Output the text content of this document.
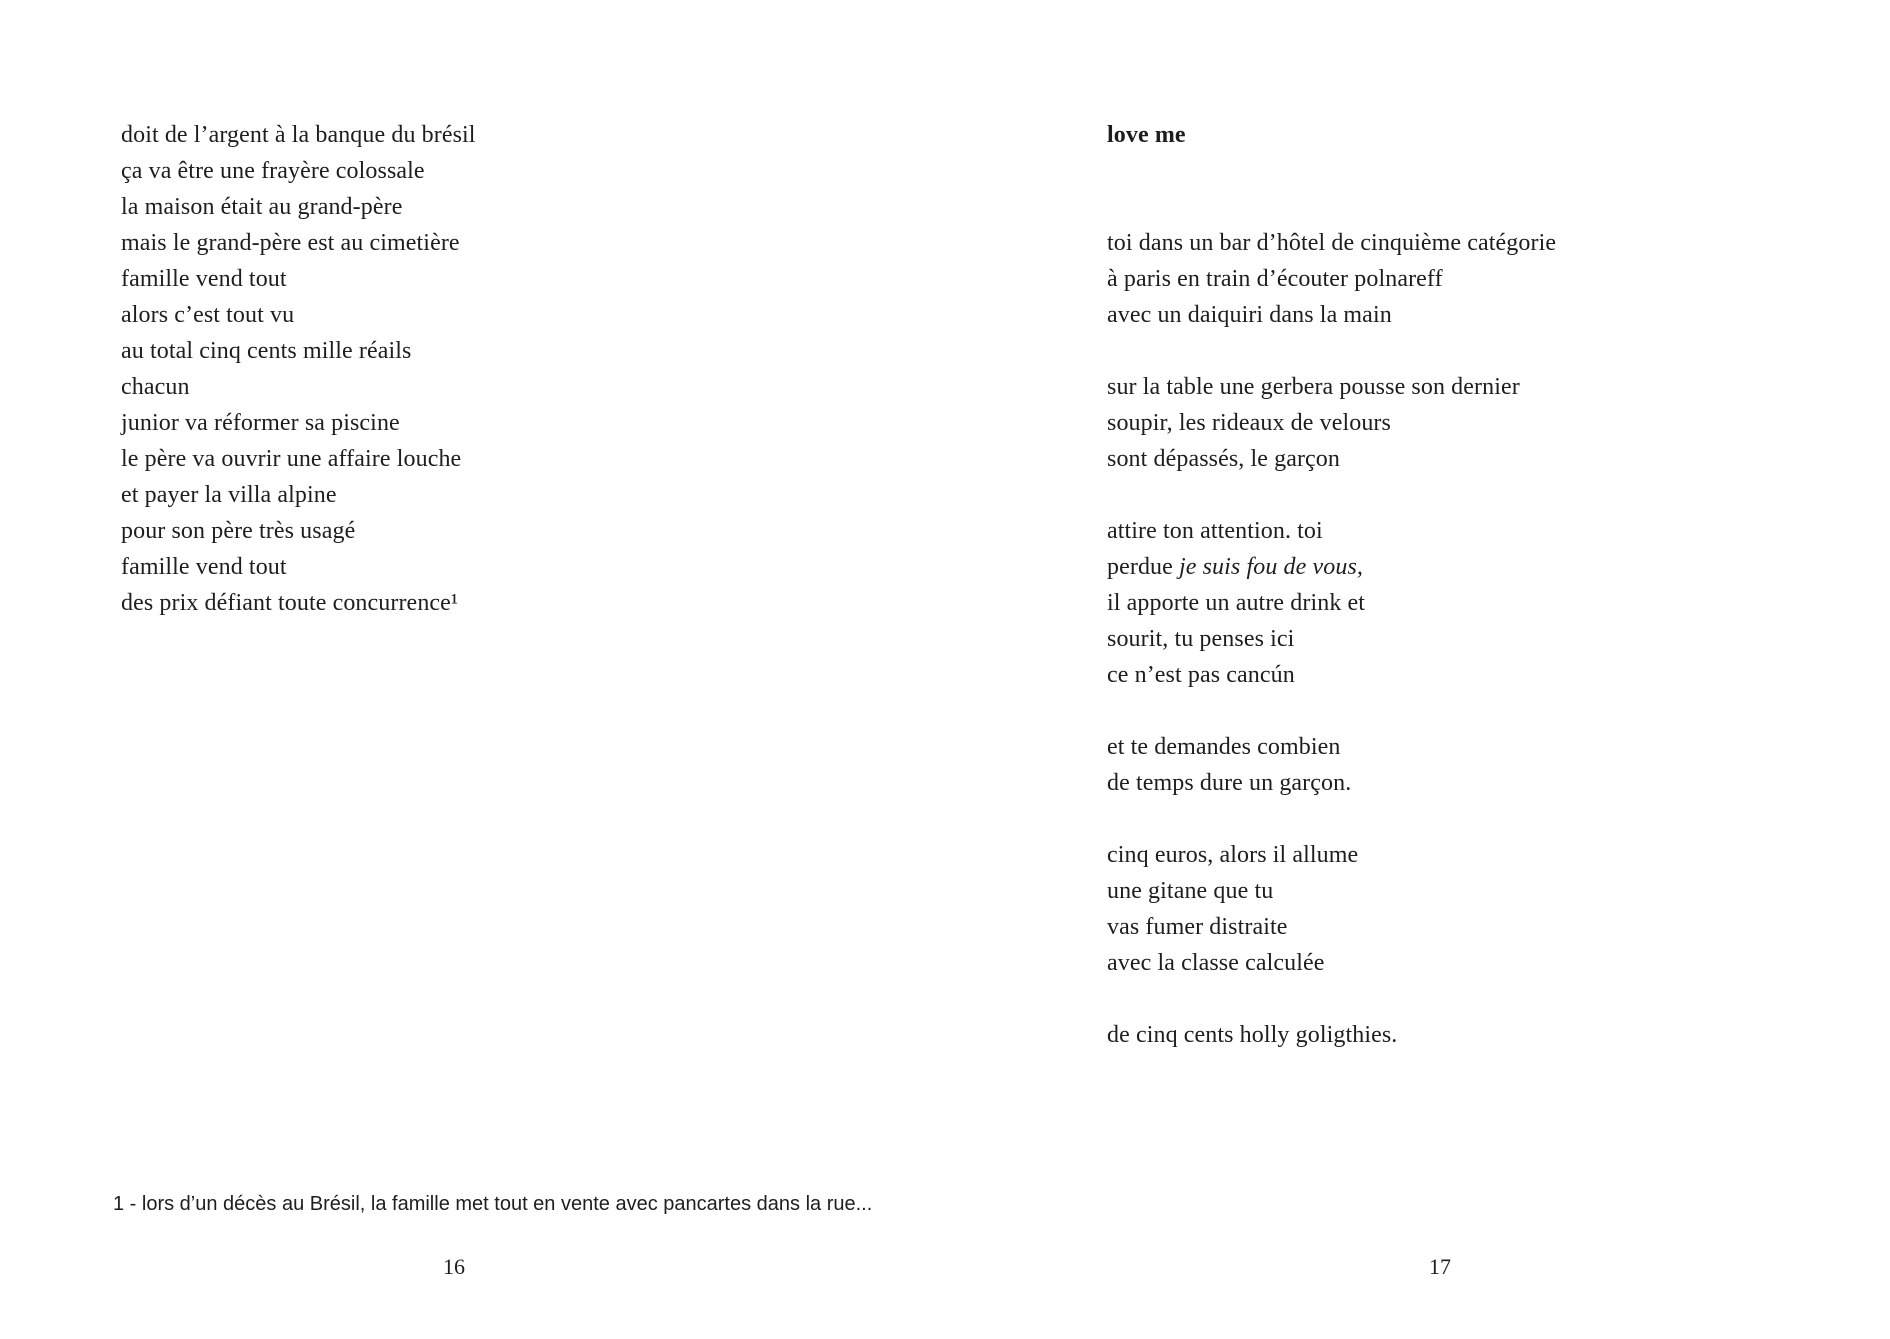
doit de l’argent à la banque du brésil
ça va être une frayère colossale
la maison était au grand-père
mais le grand-père est au cimetière
famille vend tout
alors c’est tout vu
au total cinq cents mille réails
chacun
junior va réformer sa piscine
le père va ouvrir une affaire louche
et payer la villa alpine
pour son père très usagé
famille vend tout
des prix défiant toute concurrence¹
love me
toi dans un bar d’hôtel de cinquième catégorie
à paris en train d’écouter polnareff
avec un daiquiri dans la main
sur la table une gerbera pousse son dernier
soupir, les rideaux de velours
sont dépassés, le garçon
attire ton attention. toi
perdue je suis fou de vous,
il apporte un autre drink et
sourit, tu penses ici
ce n’est pas cancún
et te demandes combien
de temps dure un garçon.
cinq euros, alors il allume
une gitane que tu
vas fumer distraite
avec la classe calculée
de cinq cents holly goligthies.
1 - lors d’un décès au Brésil, la famille met tout en vente avec pancartes dans la rue...
16	17
